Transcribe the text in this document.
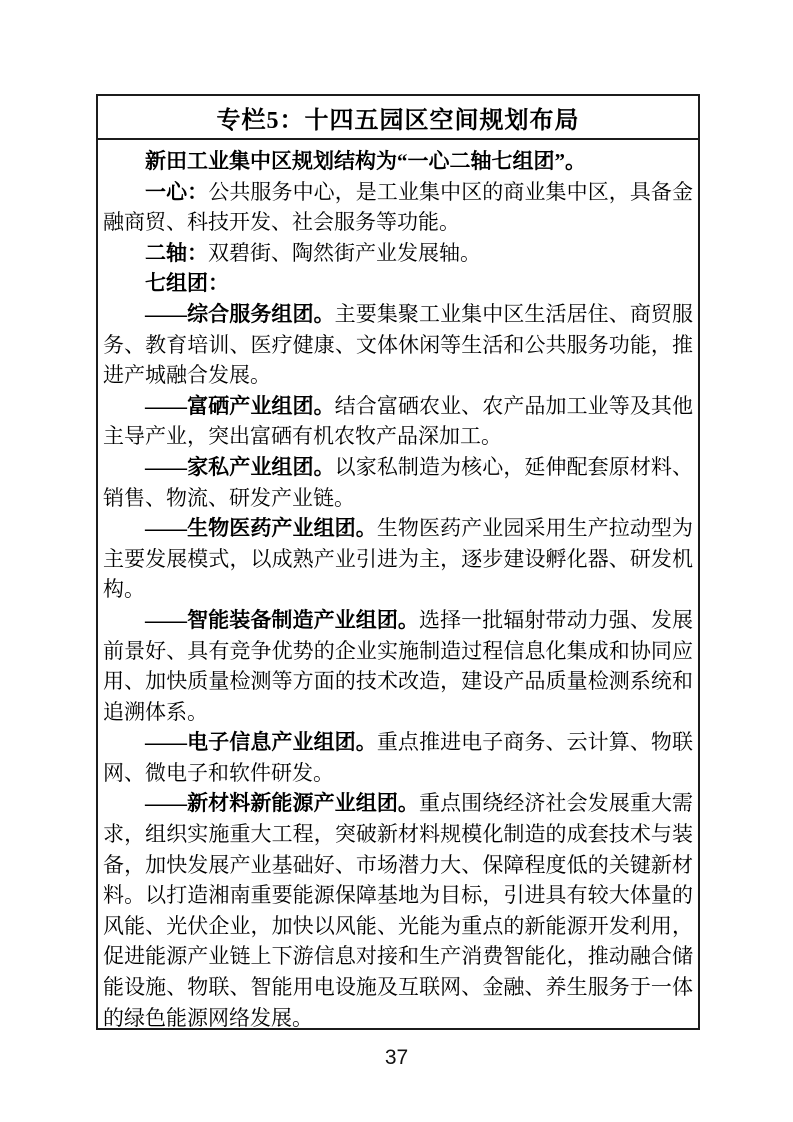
专栏5：十四五园区空间规划布局

新田工业集中区规划结构为“一心二轴七组团”。

一心：公共服务中心，是工业集中区的商业集中区，具备金融商贸、科技开发、社会服务等功能。

二轴：双碧街、陶然街产业发展轴。

七组团：

——综合服务组团。主要集聚工业集中区生活居住、商贸服务、教育培训、医疗健康、文体休闲等生活和公共服务功能，推进产城融合发展。

——富硒产业组团。结合富硒农业、农产品加工业等及其他主导产业，突出富硒有机农牧产品深加工。

——家私产业组团。以家私制造为核心，延伸配套原材料、销售、物流、研发产业链。

——生物医药产业组团。生物医药产业园采用生产拉动型为主要发展模式，以成熟产业引进为主，逐步建设孵化器、研发机构。

——智能装备制造产业组团。选择一批辐射带动力强、发展前景好、具有竞争优势的企业实施制造过程信息化集成和协同应用、加快质量检测等方面的技术改造，建设产品质量检测系统和追溯体系。

——电子信息产业组团。重点推进电子商务、云计算、物联网、微电子和软件研发。

——新材料新能源产业组团。重点围绕经济社会发展重大需求，组织实施重大工程，突破新材料规模化制造的成套技术与装备，加快发展产业基础好、市场潜力大、保障程度低的关键新材料。以打造湘南重要能源保障基地为目标，引进具有较大体量的风能、光伏企业，加快以风能、光能为重点的新能源开发利用，促进能源产业链上下游信息对接和生产消费智能化，推动融合储能设施、物联、智能用电设施及互联网、金融、养生服务于一体的绿色能源网络发展。

37
